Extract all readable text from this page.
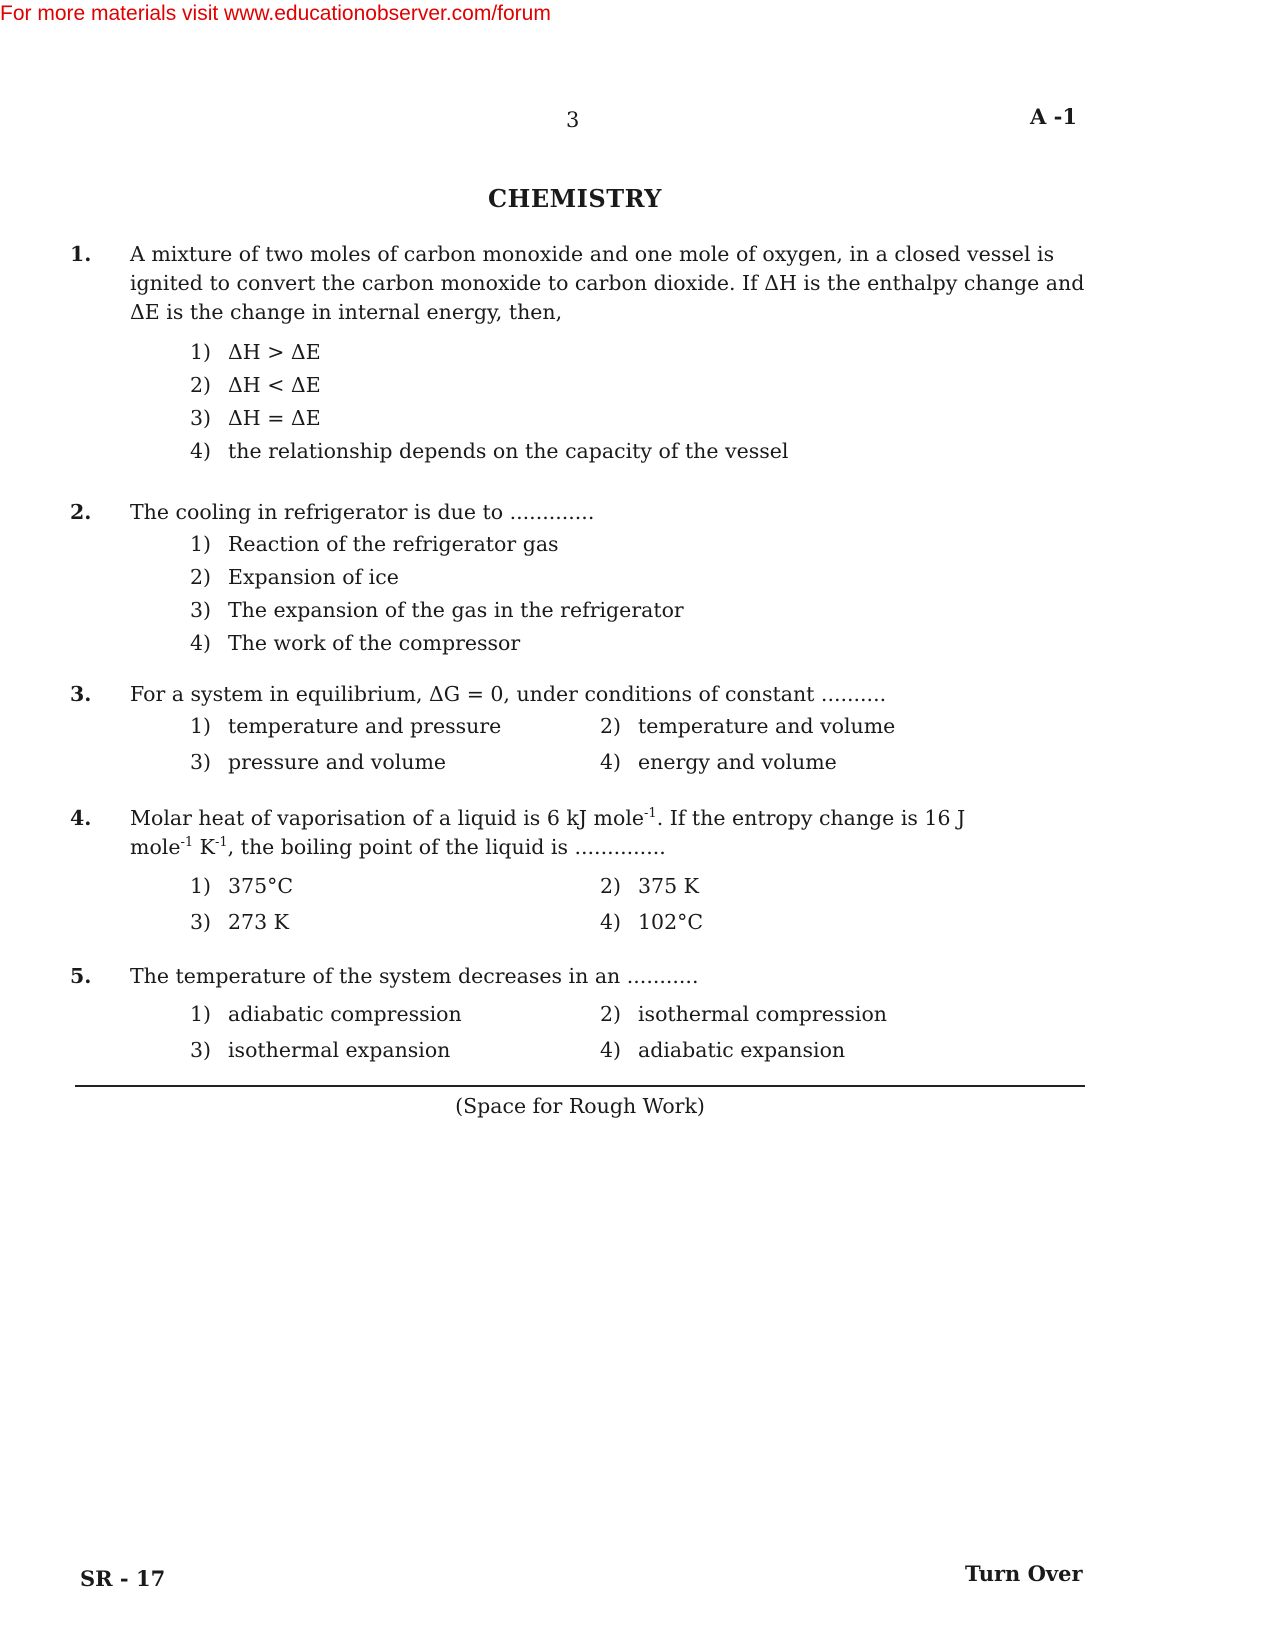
For more materials visit www.educationobserver.com/forum
3	A -1
CHEMISTRY
1. A mixture of two moles of carbon monoxide and one mole of oxygen, in a closed vessel is ignited to convert the carbon monoxide to carbon dioxide. If ΔH is the enthalpy change and ΔE is the change in internal energy, then,
1) ΔH > ΔE
2) ΔH < ΔE
3) ΔH = ΔE
4) the relationship depends on the capacity of the vessel
2. The cooling in refrigerator is due to .............
1) Reaction of the refrigerator gas
2) Expansion of ice
3) The expansion of the gas in the refrigerator
4) The work of the compressor
3. For a system in equilibrium, ΔG = 0, under conditions of constant ..........
1) temperature and pressure	2) temperature and volume
3) pressure and volume	4) energy and volume
4. Molar heat of vaporisation of a liquid is 6 kJ mole$^{-1}$. If the entropy change is 16 J mole$^{-1}$ $K^{-1}$, the boiling point of the liquid is ..............
1) 375°C	2) 375 K
3) 273 K	4) 102°C
5. The temperature of the system decreases in an ...........
1) adiabatic compression	2) isothermal compression
3) isothermal expansion	4) adiabatic expansion
(Space for Rough Work)
SR - 17	Turn Over
